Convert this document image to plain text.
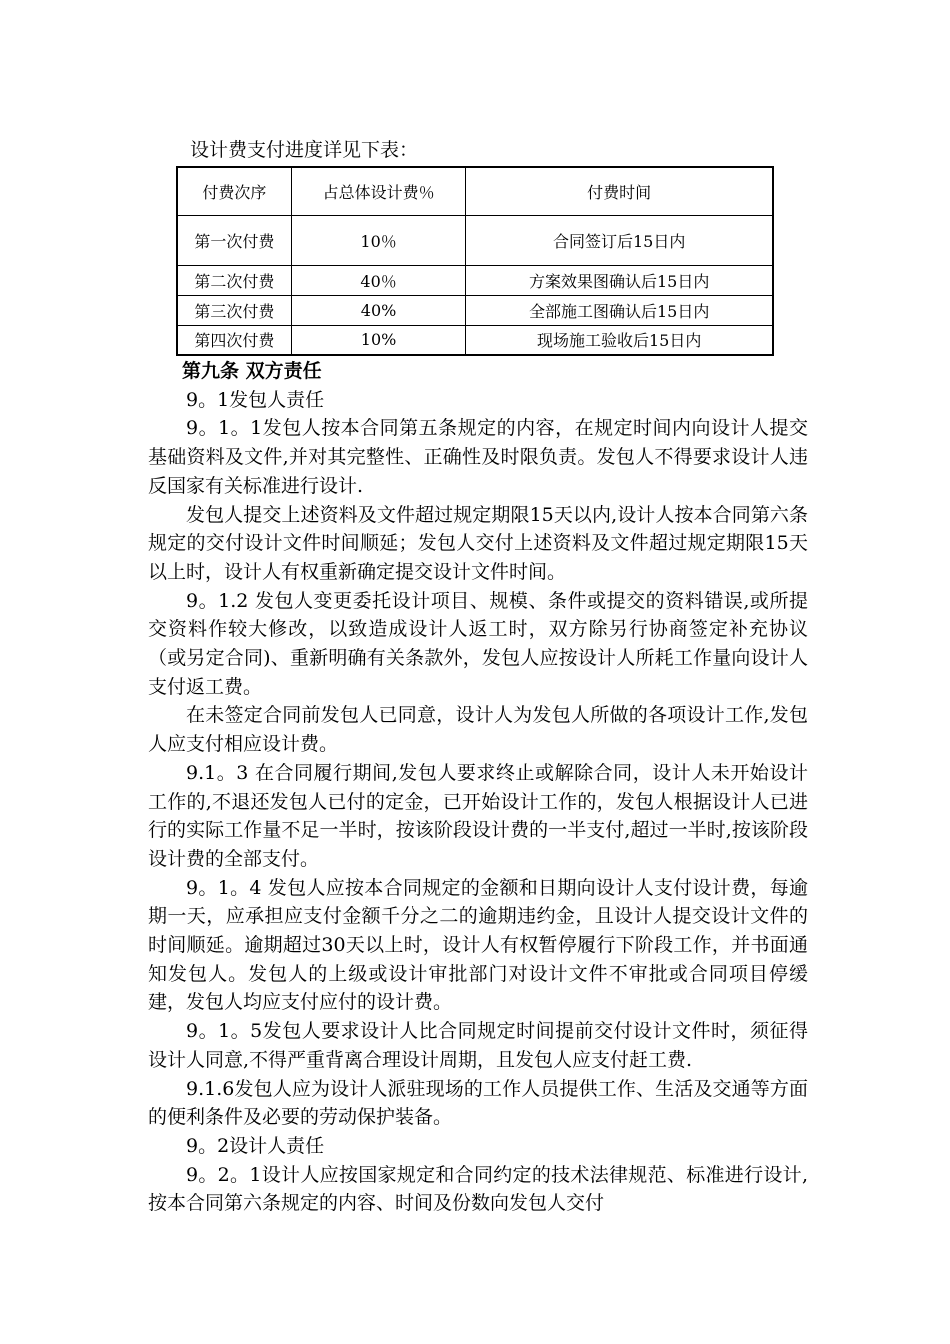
设计费支付进度详见下表：
付费次序	占总体设计费％	付费时间
第一次付费	10％	合同签订后15日内
第二次付费	40％	方案效果图确认后15日内
第三次付费	40%	全部施工图确认后15日内
第四次付费	10%	现场施工验收后15日内

第九条 双方责任

9。1发包人责任

9。1。1发包人按本合同第五条规定的内容，在规定时间内向设计人提交基础资料及文件,并对其完整性、正确性及时限负责。发包人不得要求设计人违反国家有关标准进行设计.

发包人提交上述资料及文件超过规定期限15天以内,设计人按本合同第六条规定的交付设计文件时间顺延；发包人交付上述资料及文件超过规定期限15天以上时，设计人有权重新确定提交设计文件时间。

9。1.2 发包人变更委托设计项目、规模、条件或提交的资料错误,或所提交资料作较大修改，以致造成设计人返工时，双方除另行协商签定补充协议（或另定合同)、重新明确有关条款外，发包人应按设计人所耗工作量向设计人支付返工费。

在未签定合同前发包人已同意，设计人为发包人所做的各项设计工作,发包人应支付相应设计费。

9.1。3 在合同履行期间,发包人要求终止或解除合同，设计人未开始设计工作的,不退还发包人已付的定金，已开始设计工作的，发包人根据设计人已进行的实际工作量不足一半时，按该阶段设计费的一半支付,超过一半时,按该阶段设计费的全部支付。

9。1。4 发包人应按本合同规定的金额和日期向设计人支付设计费，每逾期一天，应承担应支付金额千分之二的逾期违约金，且设计人提交设计文件的时间顺延。逾期超过30天以上时，设计人有权暂停履行下阶段工作，并书面通知发包人。发包人的上级或设计审批部门对设计文件不审批或合同项目停缓建，发包人均应支付应付的设计费。

9。1。5发包人要求设计人比合同规定时间提前交付设计文件时，须征得设计人同意,不得严重背离合理设计周期，且发包人应支付赶工费.

9.1.6发包人应为设计人派驻现场的工作人员提供工作、生活及交通等方面的便利条件及必要的劳动保护装备。

9。2设计人责任

9。2。1设计人应按国家规定和合同约定的技术法律规范、标准进行设计,按本合同第六条规定的内容、时间及份数向发包人交付
